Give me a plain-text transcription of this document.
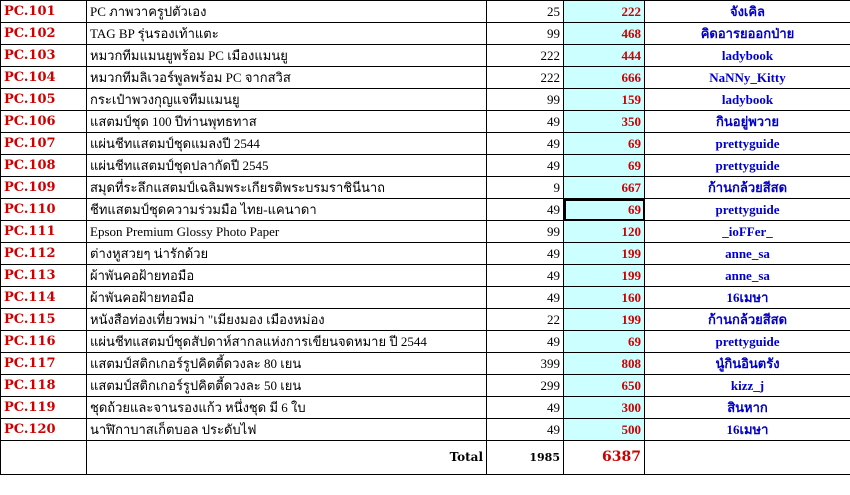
PC.101	PC ภาพวาครูปตัวเอง	25	222	จังเคิล
PC.102	TAG BP รุ่นรองเท้าแตะ	99	468	คิดอารยออกป่าย
PC.103	หมวกทีมแมนยูพร้อม PC เมืองแมนยู	222	444	ladybook
PC.104	หมวกทีมลิเวอร์พูลพร้อม PC จากสวิส	222	666	NaNNy_Kitty
PC.105	กระเป๋าพวงกุญแจทีมแมนยู	99	159	ladybook
PC.106	แสตมป์ชุด 100 ปีท่านพุทธทาส	49	350	กินอยู่พวาย
PC.107	แผ่นชีทแสตมป์ชุดแมลงปี 2544	49	69	prettyguide
PC.108	แผ่นชีทแสตมป์ชุดปลากัดปี 2545	49	69	prettyguide
PC.109	สมุดที่ระลึกแสตมป์เฉลิมพระเกียรติพระบรมราชินีนาถ	9	667	ก้านกล้วยสีสด
PC.110	ชีทแสตมป์ชุดความร่วมมือ ไทย-แคนาดา	49	69	prettyguide
PC.111	Epson Premium Glossy Photo Paper	99	120	_ioFFer_
PC.112	ต่างหูสวยๆ น่ารักด้วย	49	199	anne_sa
PC.113	ผ้าพันคอฝ้ายทอมือ	49	199	anne_sa
PC.114	ผ้าพันคอฝ้ายทอมือ	49	160	16เมษา
PC.115	หนังสือท่องเที่ยวพม่า "เมียงมอง เมืองหม่อง	22	199	ก้านกล้วยสีสด
PC.116	แผ่นชีทแสตมป์ชุดสัปดาห์สากลแห่งการเขียนจดหมาย ปี 2544	49	69	prettyguide
PC.117	แสตมป์สติกเกอร์รูปคิตตี้ดวงละ 80 เยน	399	808	นู๋กินอินตรัง
PC.118	แสตมป์สติกเกอร์รูปคิตตี้ดวงละ 50 เยน	299	650	kizz_j
PC.119	ชุดถ้วยและจานรองแก้ว หนึ่งชุด มี 6 ใบ	49	300	สินหาก
PC.120	นาฬิกาบาสเก็ตบอล ประดับไฟ	49	500	16เมษา
	Total	1985	6387	
